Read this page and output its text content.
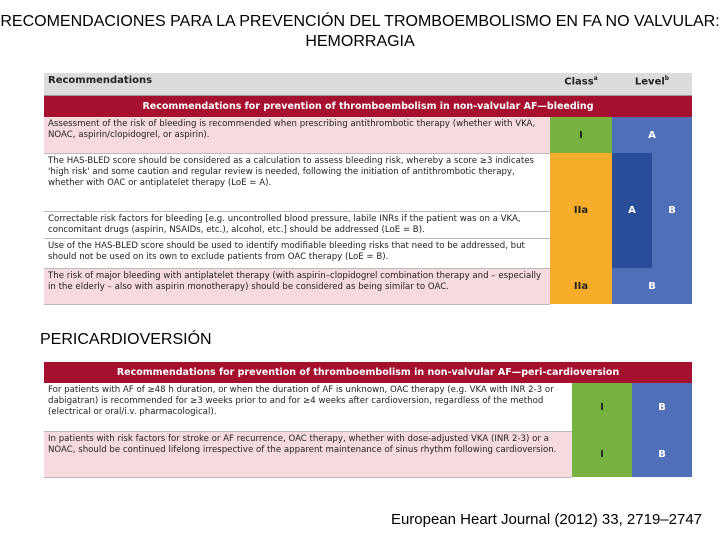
RECOMENDACIONES PARA LA PREVENCIÓN DEL TROMBOEMBOLISMO EN FA NO VALVULAR: HEMORRAGIA
Recommendations	Class$^a$	Level$^b$
Recommendations for prevention of thromboembolism in non-valvular AF—bleeding			
Assessment of the risk of bleeding is recommended when prescribing antithrombotic therapy (whether with VKA, NOAC, aspirin/clopidogrel, or aspirin).	I	A	
The HAS-BLED score should be considered as a calculation to assess bleeding risk, whereby a score ≥3 indicates 'high risk' and some caution and regular review is needed, following the initiation of antithrombotic therapy, whether with OAC or antiplatelet therapy (LoE = A).	IIa	A	B
Correctable risk factors for bleeding [e.g. uncontrolled blood pressure, labile INRs if the patient was on a VKA, concomitant drugs (aspirin, NSAIDs, etc.), alcohol, etc.] should be addressed (LoE = B).			
Use of the HAS-BLED score should be used to identify modifiable bleeding risks that need to be addressed, but should not be used on its own to exclude patients from OAC therapy (LoE = B).			
The risk of major bleeding with antiplatelet therapy (with aspirin–clopidogrel combination therapy and – especially in the elderly – also with aspirin monotherapy) should be considered as being similar to OAC.	IIa	B	
PERICARDIOVERSIÓN
Recommendations for prevention of thromboembolism in non-valvular AF—peri-cardioversion		
For patients with AF of ≥48 h duration, or when the duration of AF is unknown, OAC therapy (e.g. VKA with INR 2-3 or dabigatran) is recommended for ≥3 weeks prior to and for ≥4 weeks after cardioversion, regardless of the method (electrical or oral/i.v. pharmacological).	I	B
In patients with risk factors for stroke or AF recurrence, OAC therapy, whether with dose-adjusted VKA (INR 2-3) or a NOAC, should be continued lifelong irrespective of the apparent maintenance of sinus rhythm following cardioversion.	I	B
European Heart Journal (2012) 33, 2719–2747
